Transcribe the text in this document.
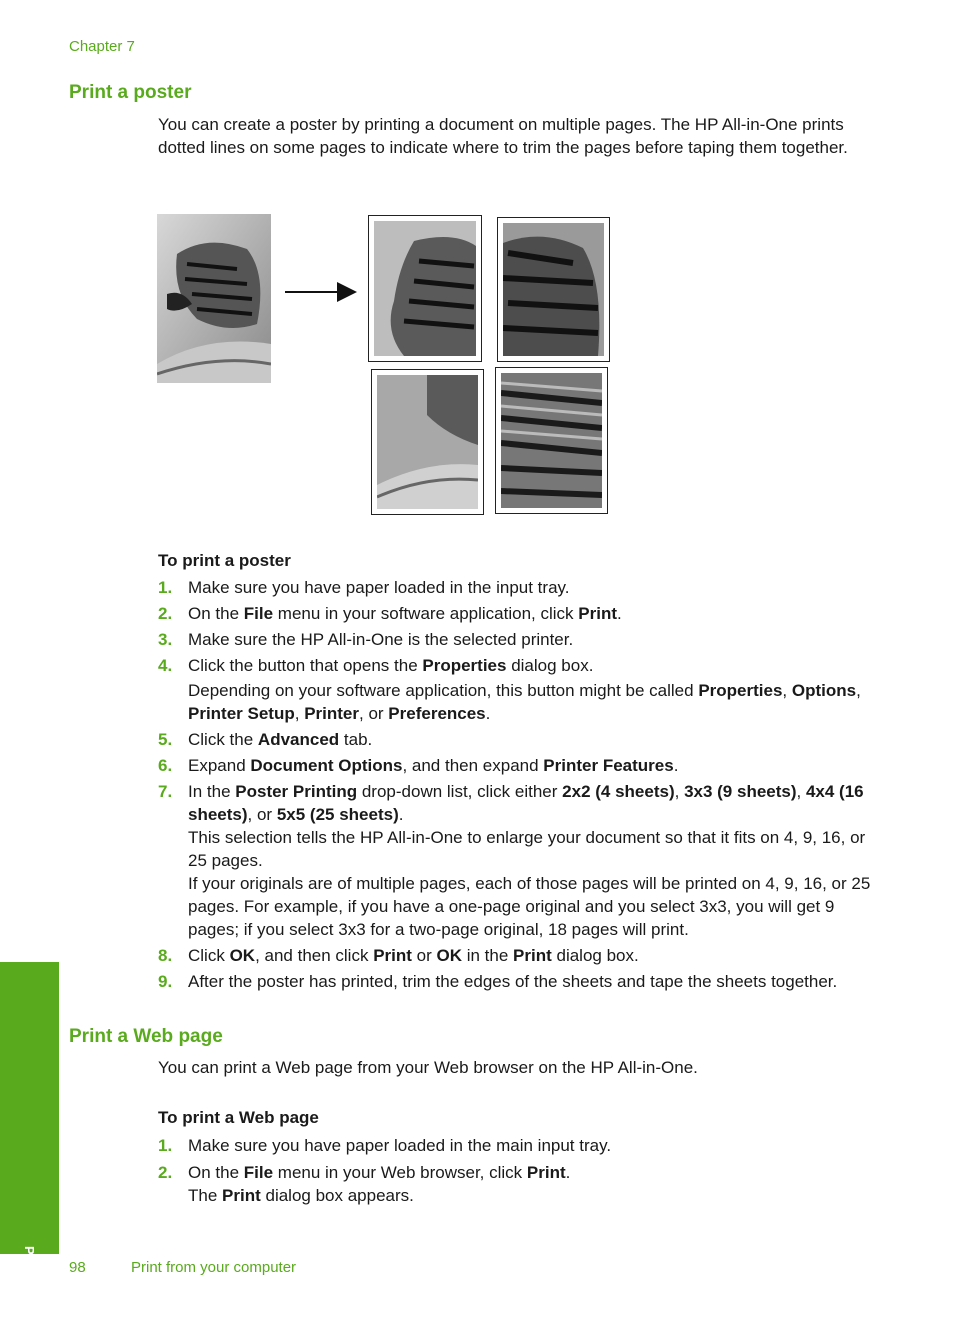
Chapter 7
Print a poster
You can create a poster by printing a document on multiple pages. The HP All-in-One prints dotted lines on some pages to indicate where to trim the pages before taping them together.
To print a poster
1. Make sure you have paper loaded in the input tray.
2. On the File menu in your software application, click Print.
3. Make sure the HP All-in-One is the selected printer.
4. Click the button that opens the Properties dialog box.
Depending on your software application, this button might be called Properties, Options, Printer Setup, Printer, or Preferences.
5. Click the Advanced tab.
6. Expand Document Options, and then expand Printer Features.
7. In the Poster Printing drop-down list, click either 2x2 (4 sheets), 3x3 (9 sheets), 4x4 (16 sheets), or 5x5 (25 sheets).
This selection tells the HP All-in-One to enlarge your document so that it fits on 4, 9, 16, or 25 pages.
If your originals are of multiple pages, each of those pages will be printed on 4, 9, 16, or 25 pages. For example, if you have a one-page original and you select 3x3, you will get 9 pages; if you select 3x3 for a two-page original, 18 pages will print.
8. Click OK, and then click Print or OK in the Print dialog box.
9. After the poster has printed, trim the edges of the sheets and tape the sheets together.
Print a Web page
You can print a Web page from your Web browser on the HP All-in-One.
To print a Web page
1. Make sure you have paper loaded in the main input tray.
2. On the File menu in your Web browser, click Print.
The Print dialog box appears.
Print 98	Print from your computer
